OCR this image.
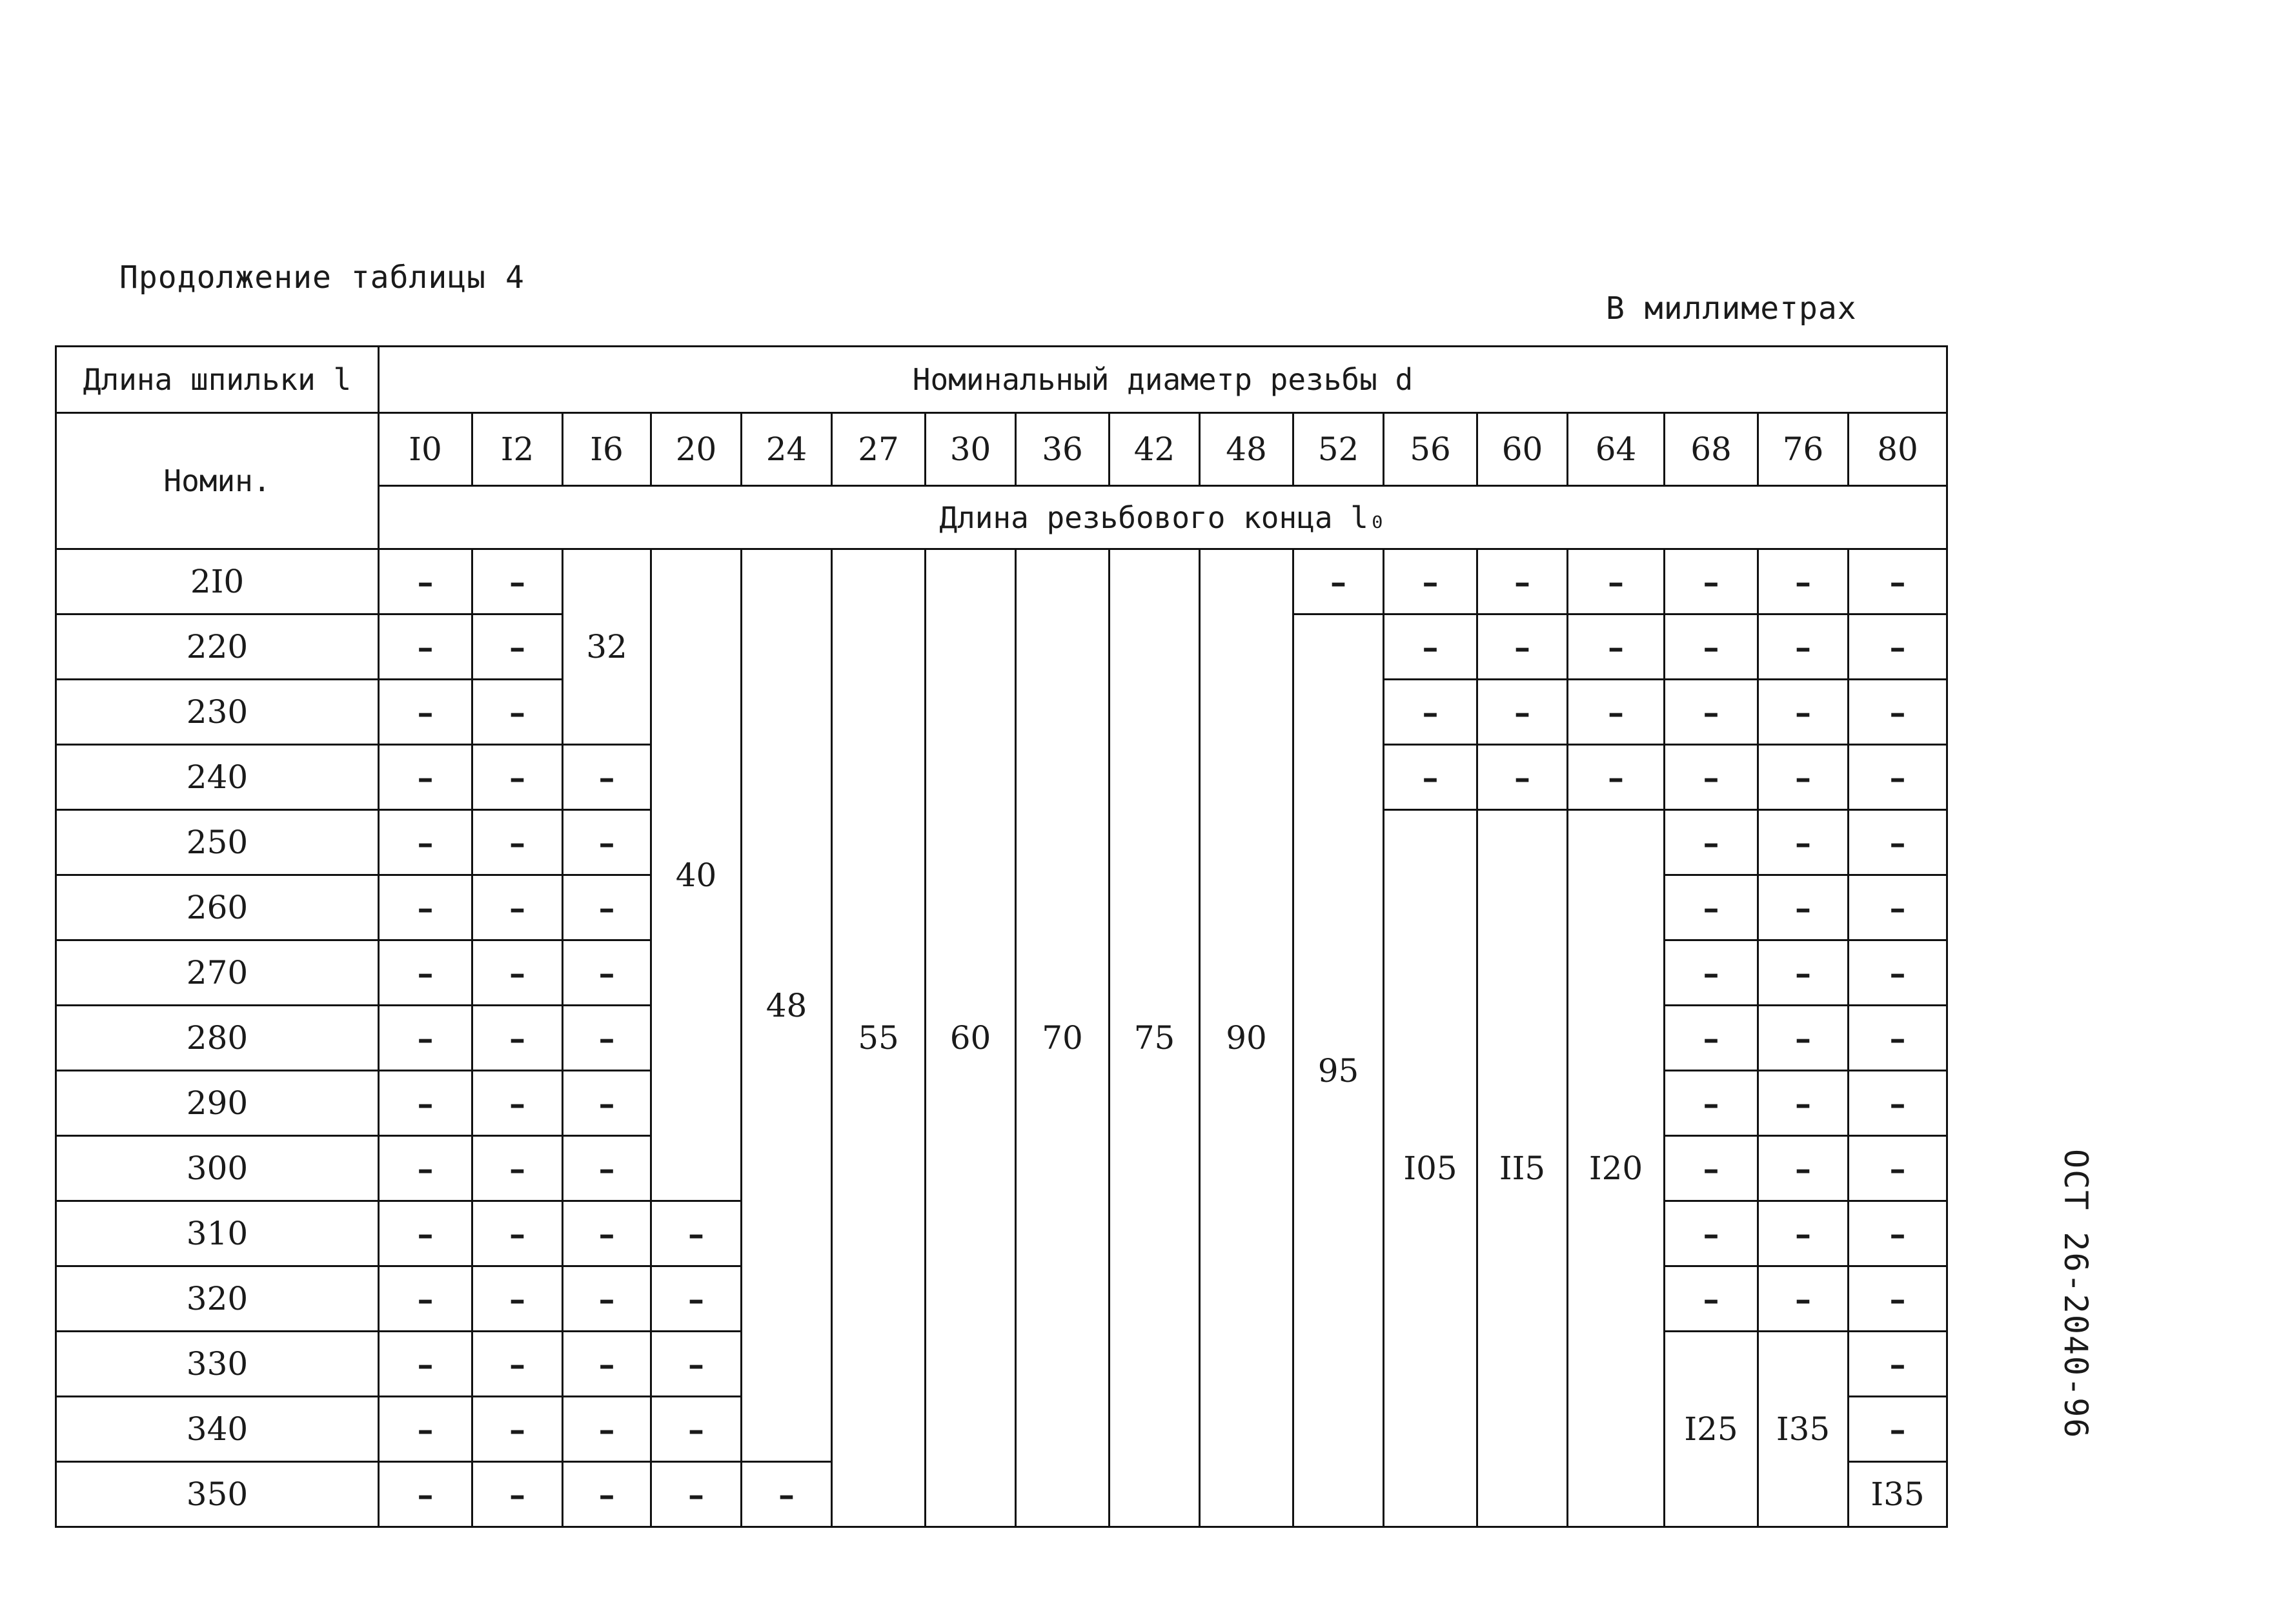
Продолжение таблицы 4
В миллиметрах
ОСТ 26-2040-96
Длина шпильки l	Номинальный диаметр резьбы d																
Номин.	I0	I2	I6	20	24	27	30	36	42	48	52	56	60	64	68	76	80
	Длина резьбового конца l₀																
2I0	–	–	32	40	48	55	60	70	75	90	–	–	–	–	–	–	–
220	–	–									95	–	–	–	–	–	–
230	–	–										–	–	–	–	–	–
240	–	–	–									–	–	–	–	–	–
250	–	–	–									I05	II5	I20	–	–	–
260	–	–	–												–	–	–
270	–	–	–												–	–	–
280	–	–	–												–	–	–
290	–	–	–												–	–	–
300	–	–	–												–	–	–
310	–	–	–	–											–	–	–
320	–	–	–	–											–	–	–
330	–	–	–	–											I25	I35	–
340	–	–	–	–													–
350	–	–	–	–	–												I35
